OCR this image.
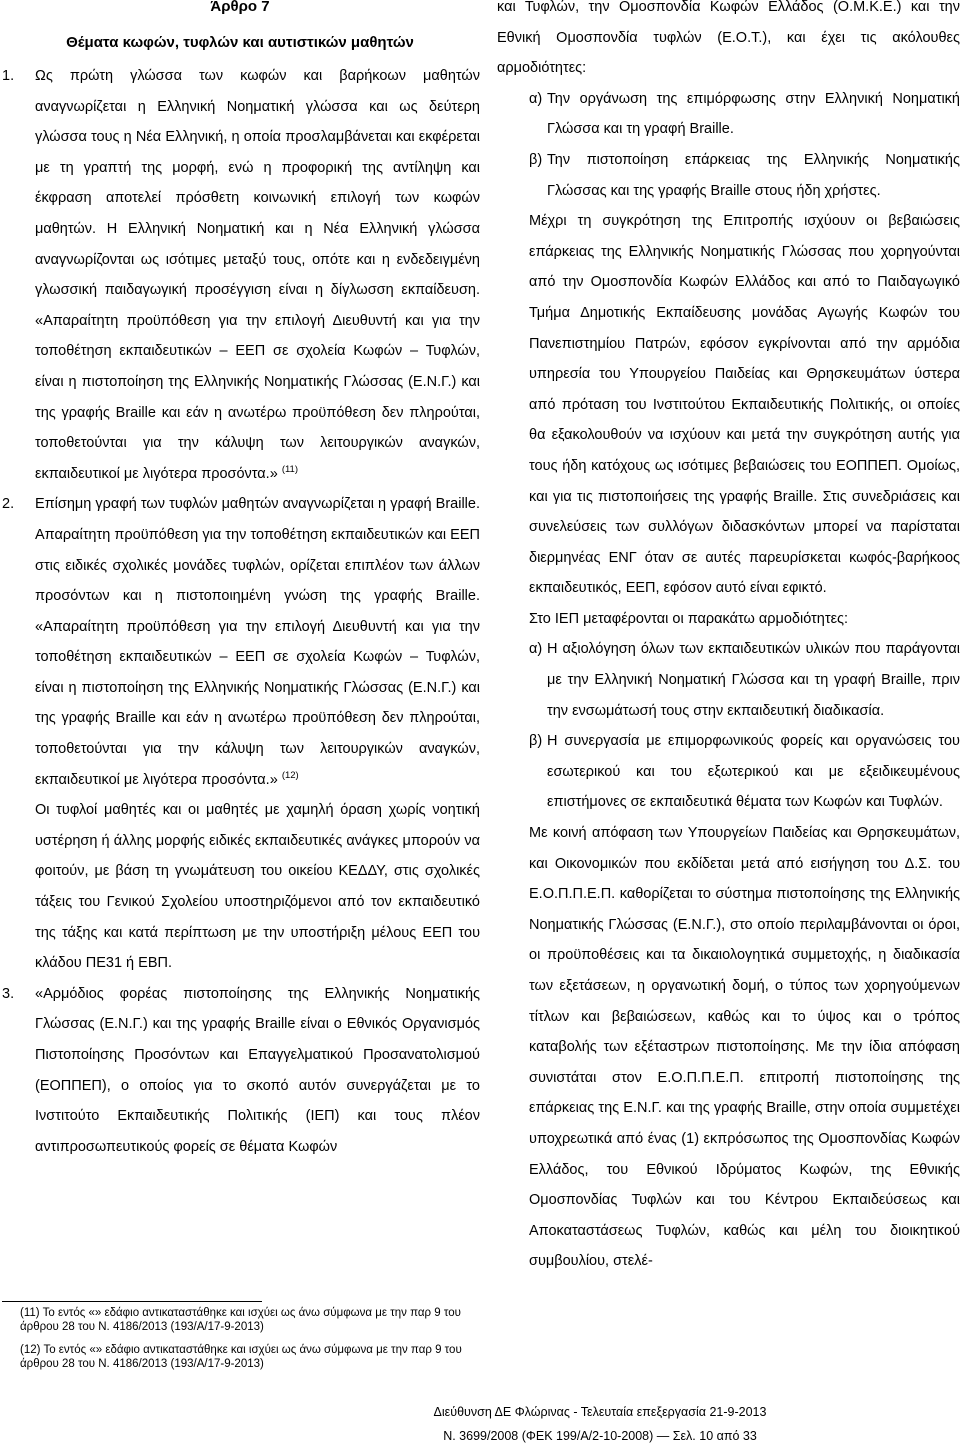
Άρθρο 7
Θέματα κωφών, τυφλών και αυτιστικών μαθητών
1. Ως πρώτη γλώσσα των κωφών και βαρήκοων μαθητών αναγνωρίζεται η Ελληνική Νοηματική γλώσσα και ως δεύτερη γλώσσα τους η Νέα Ελληνική, η οποία προσλαμβάνεται και εκφέρεται με τη γραπτή της μορφή, ενώ η προφορική της αντίληψη και έκφραση αποτελεί πρόσθετη κοινωνική επιλογή των κωφών μαθητών. Η Ελληνική Νοηματική και η Νέα Ελληνική γλώσσα αναγνωρίζονται ως ισότιμες μεταξύ τους, οπότε και η ενδεδειγμένη γλωσσική παιδαγωγική προσέγγιση είναι η δίγλωσση εκπαίδευση. «Απαραίτητη προϋπόθεση για την επιλογή Διευθυντή και για την τοποθέτηση εκπαιδευτικών – ΕΕΠ σε σχολεία Κωφών – Τυφλών, είναι η πιστοποίηση της Ελληνικής Νοηματικής Γλώσσας (Ε.Ν.Γ.) και της γραφής Braille και εάν η ανωτέρω προϋπόθεση δεν πληρούται, τοποθετούνται για την κάλυψη των λειτουργικών αναγκών, εκπαιδευτικοί με λιγότερα προσόντα.» $^{(11)}$

2. Επίσημη γραφή των τυφλών μαθητών αναγνωρίζεται η γραφή Braille. Απαραίτητη προϋπόθεση για την τοποθέτηση εκπαιδευτικών και ΕΕΠ στις ειδικές σχολικές μονάδες τυφλών, ορίζεται επιπλέον των άλλων προσόντων και η πιστοποιημένη γνώση της γραφής Braille. «Απαραίτητη προϋπόθεση για την επιλογή Διευθυντή και για την τοποθέτηση εκπαιδευτικών – ΕΕΠ σε σχολεία Κωφών – Τυφλών, είναι η πιστοποίηση της Ελληνικής Νοηματικής Γλώσσας (Ε.Ν.Γ.) και της γραφής Braille και εάν η ανωτέρω προϋπόθεση δεν πληρούται, τοποθετούνται για την κάλυψη των λειτουργικών αναγκών, εκπαιδευτικοί με λιγότερα προσόντα.» $^{(12)}$

Οι τυφλοί μαθητές και οι μαθητές με χαμηλή όραση χωρίς νοητική υστέρηση ή άλλης μορφής ειδικές εκπαιδευτικές ανάγκες μπορούν να φοιτούν, με βάση τη γνωμάτευση του οικείου ΚΕΔΔΥ, στις σχολικές τάξεις του Γενικού Σχολείου υποστηριζόμενοι από τον εκπαιδευτικό της τάξης και κατά περίπτωση με την υποστήριξη μέλους ΕΕΠ του κλάδου ΠΕ31 ή ΕΒΠ.

3. «Αρμόδιος φορέας πιστοποίησης της Ελληνικής Νοηματικής Γλώσσας (Ε.Ν.Γ.) και της γραφής Braille είναι ο Εθνικός Οργανισμός Πιστοποίησης Προσόντων και Επαγγελματικού Προσανατολισμού (ΕΟΠΠΕΠ), ο οποίος για το σκοπό αυτόν συνεργάζεται με το Ινστιτούτο Εκπαιδευτικής Πολιτικής (ΙΕΠ) και τους πλέον αντιπροσωπευτικούς φορείς σε θέματα Κωφών

(11) Το εντός «» εδάφιο αντικαταστάθηκε και ισχύει ως άνω σύμφωνα με την παρ 9 του άρθρου 28 του Ν. 4186/2013 (193/Α/17-9-2013)
(12) Το εντός «» εδάφιο αντικαταστάθηκε και ισχύει ως άνω σύμφωνα με την παρ 9 του άρθρου 28 του Ν. 4186/2013 (193/Α/17-9-2013)

και Τυφλών, την Ομοσπονδία Κωφών Ελλάδος (Ο.Μ.Κ.Ε.) και την Εθνική Ομοσπονδία τυφλών (Ε.Ο.Τ.), και έχει τις ακόλουθες αρμοδιότητες:

α) Την οργάνωση της επιμόρφωσης στην Ελληνική Νοηματική Γλώσσα και τη γραφή Braille.

β) Την πιστοποίηση επάρκειας της Ελληνικής Νοηματικής Γλώσσας και της γραφής Braille στους ήδη χρήστες.

Μέχρι τη συγκρότηση της Επιτροπής ισχύουν οι βεβαιώσεις επάρκειας της Ελληνικής Νοηματικής Γλώσσας που χορηγούνται από την Ομοσπονδία Κωφών Ελλάδος και από το Παιδαγωγικό Τμήμα Δημοτικής Εκπαίδευσης μονάδας Αγωγής Κωφών του Πανεπιστημίου Πατρών, εφόσον εγκρίνονται από την αρμόδια υπηρεσία του Υπουργείου Παιδείας και Θρησκευμάτων ύστερα από πρόταση του Ινστιτούτου Εκπαιδευτικής Πολιτικής, οι οποίες θα εξακολουθούν να ισχύουν και μετά την συγκρότηση αυτής για τους ήδη κατόχους ως ισότιμες βεβαιώσεις του ΕΟΠΠΕΠ. Ομοίως, και για τις πιστοποιήσεις της γραφής Braille. Στις συνεδριάσεις και συνελεύσεις των συλλόγων διδασκόντων μπορεί να παρίσταται διερμηνέας ΕΝΓ όταν σε αυτές παρευρίσκεται κωφός-βαρήκοος εκπαιδευτικός, ΕΕΠ, εφόσον αυτό είναι εφικτό.

Στο ΙΕΠ μεταφέρονται οι παρακάτω αρμοδιότητες:

α) Η αξιολόγηση όλων των εκπαιδευτικών υλικών που παράγονται με την Ελληνική Νοηματική Γλώσσα και τη γραφή Braille, πριν την ενσωμάτωσή τους στην εκπαιδευτική διαδικασία.

β) Η συνεργασία με επιμορφωνικούς φορείς και οργανώσεις του εσωτερικού και του εξωτερικού και με εξειδικευμένους επιστήμονες σε εκπαιδευτικά θέματα των Κωφών και Τυφλών.

Με κοινή απόφαση των Υπουργείων Παιδείας και Θρησκευμάτων, και Οικονομικών που εκδίδεται μετά από εισήγηση του Δ.Σ. του Ε.Ο.Π.Π.Ε.Π. καθορίζεται το σύστημα πιστοποίησης της Ελληνικής Νοηματικής Γλώσσας (Ε.Ν.Γ.), στο οποίο περιλαμβάνονται οι όροι, οι προϋποθέσεις και τα δικαιολογητικά συμμετοχής, η διαδικασία των εξετάσεων, η οργανωτική δομή, ο τύπος των χορηγούμενων τίτλων και βεβαιώσεων, καθώς και το ύψος και ο τρόπος καταβολής των εξέταστρων πιστοποίησης. Με την ίδια απόφαση συνιστάται στον Ε.Ο.Π.Π.Ε.Π. επιτροπή πιστοποίησης της επάρκειας της Ε.Ν.Γ. και της γραφής Braille, στην οποία συμμετέχει υποχρεωτικά από ένας (1) εκπρόσωπος της Ομοσπονδίας Κωφών Ελλάδος, του Εθνικού Ιδρύματος Κωφών, της Εθνικής Ομοσπονδίας Τυφλών και του Κέντρου Εκπαιδεύσεως και Αποκαταστάσεως Τυφλών, καθώς και μέλη του διοικητικού συμβουλίου, στελέ-

Διεύθυνση ΔΕ Φλώρινας - Τελευταία επεξεργασία 21-9-2013
Ν. 3699/2008 (ΦΕΚ 199/Α/2-10-2008) — Σελ. 10 από 33
